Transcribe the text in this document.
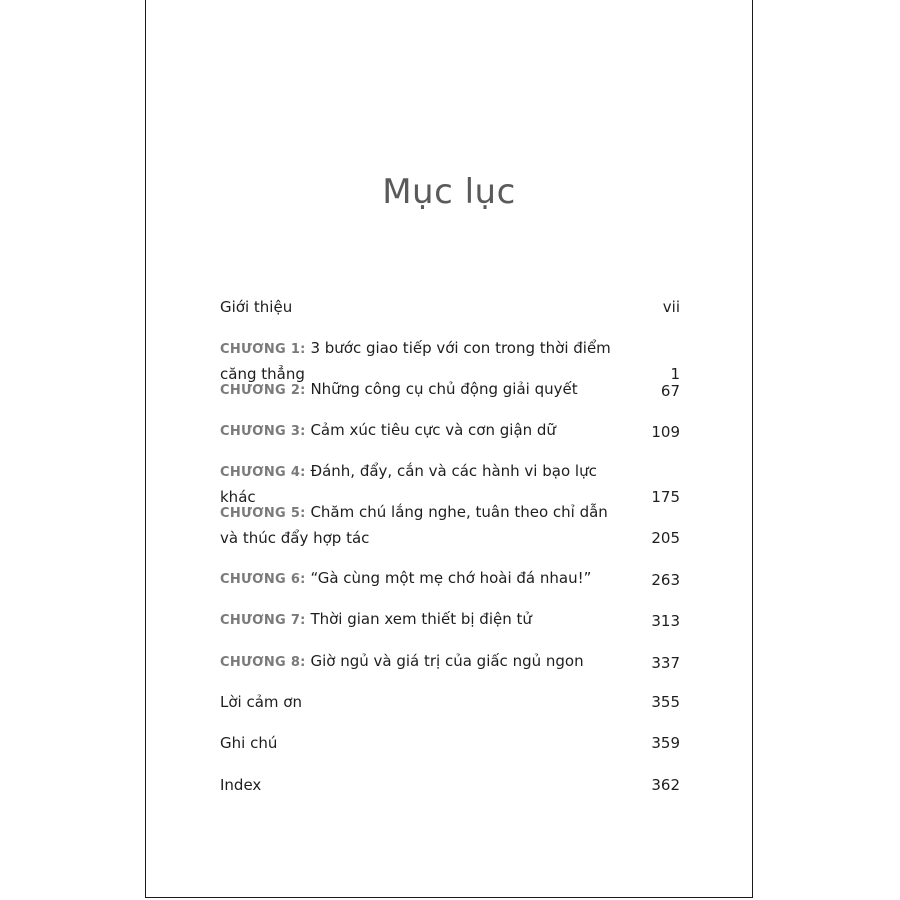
Mục lục
Giới thiệu	vii
CHƯƠNG 1: 3 bước giao tiếp với con trong thời điểm căng thẳng	1
CHƯƠNG 2: Những công cụ chủ động giải quyết	67
CHƯƠNG 3: Cảm xúc tiêu cực và cơn giận dữ	109
CHƯƠNG 4: Đánh, đẩy, cắn và các hành vi bạo lực khác	175
CHƯƠNG 5: Chăm chú lắng nghe, tuân theo chỉ dẫn
và thúc đẩy hợp tác	205
CHƯƠNG 6: “Gà cùng một mẹ chớ hoài đá nhau!”	263
CHƯƠNG 7: Thời gian xem thiết bị điện tử	313
CHƯƠNG 8: Giờ ngủ và giá trị của giấc ngủ ngon	337
Lời cảm ơn	355
Ghi chú	359
Index	362
